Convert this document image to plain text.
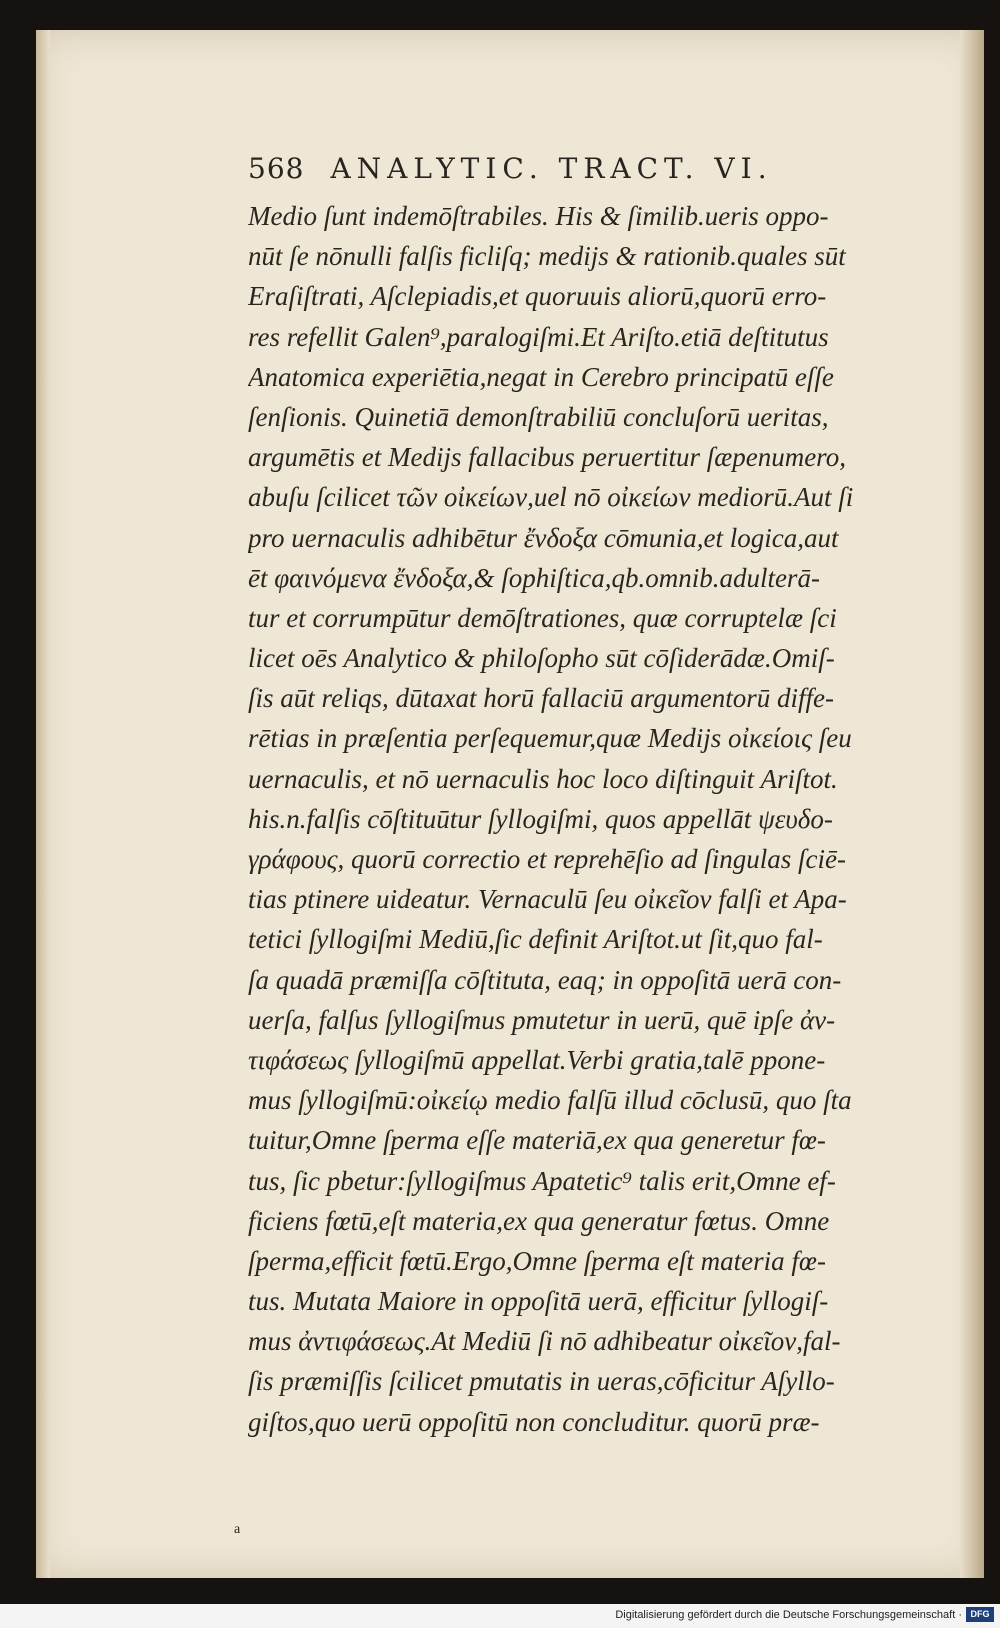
568 ANALYTIC. TRACT. VI.
Medio ſunt indemōſtrabiles. His & ſimilib.ueris oppo-
nūt ſe nōnulli falſis ficliſq; medijs & rationib.quales sūt
Eraſiſtrati, Aſclepiadis,et quoruuis aliorū,quorū erro-
res refellit Galen⁹,paralogiſmi.Et Ariſto.etiā deſtitutus
Anatomica experiētia,negat in Cerebro principatū eſſe
ſenſionis. Quinetiā demonſtrabiliū concluſorū ueritas,
argumētis et Medijs fallacibus peruertitur ſæpenumero,
abuſu ſcilicet τῶν οἰκείων,uel nō οἰκείων mediorū.Aut ſi
pro uernaculis adhibētur ἔνδοξα cōmunia,et logica,aut
ēt φαινόμενα ἔνδοξα,& ſophiſtica,qb.omnib.adulterā-
tur et corrumpūtur demōſtrationes, quæ corruptelæ ſci
licet oēs Analytico & philoſopho sūt cōſiderādæ.Omiſ-
ſis aūt reliqs, dūtaxat horū fallaciū argumentorū diffe-
rētias in præſentia perſequemur,quæ Medijs οἰκείοις ſeu
uernaculis, et nō uernaculis hoc loco diſtinguit Ariſtot.
his.n.falſis cōſtituūtur ſyllogiſmi, quos appellāt ψευδο-
γράφους, quorū correctio et reprehēſio ad ſingulas ſciē-
tias ptinere uideatur. Vernaculū ſeu οἰκεῖον falſi et Apa-
tetici ſyllogiſmi Mediū,ſic definit Ariſtot.ut ſit,quo fal-
ſa quadā præmiſſa cōſtituta, eaq; in oppoſitā uerā con-
uerſa, falſus ſyllogiſmus pmutetur in uerū, quē ipſe ἀν-
τιφάσεως ſyllogiſmū appellat.Verbi gratia,talē ppone-
mus ſyllogiſmū:οἰκείῳ medio falſū illud cōclusū, quo ſta
tuitur,Omne ſperma eſſe materiā,ex qua generetur fœ-
tus, ſic pbetur:ſyllogiſmus Apatetic⁹ talis erit,Omne ef-
ficiens fœtū,eſt materia,ex qua generatur fœtus. Omne
ſperma,efficit fœtū.Ergo,Omne ſperma eſt materia fœ-
tus. Mutata Maiore in oppoſitā uerā, efficitur ſyllogiſ-
mus ἀντιφάσεως.At Mediū ſi nō adhibeatur οἰκεῖον,fal-
ſis præmiſſis ſcilicet pmutatis in ueras,cōficitur Aſyllo-
giſtos,quo uerū oppoſitū non concluditur. quorū præ-
a
Digitalisierung gefördert durch die Deutsche Forschungsgemeinschaft · DFG
